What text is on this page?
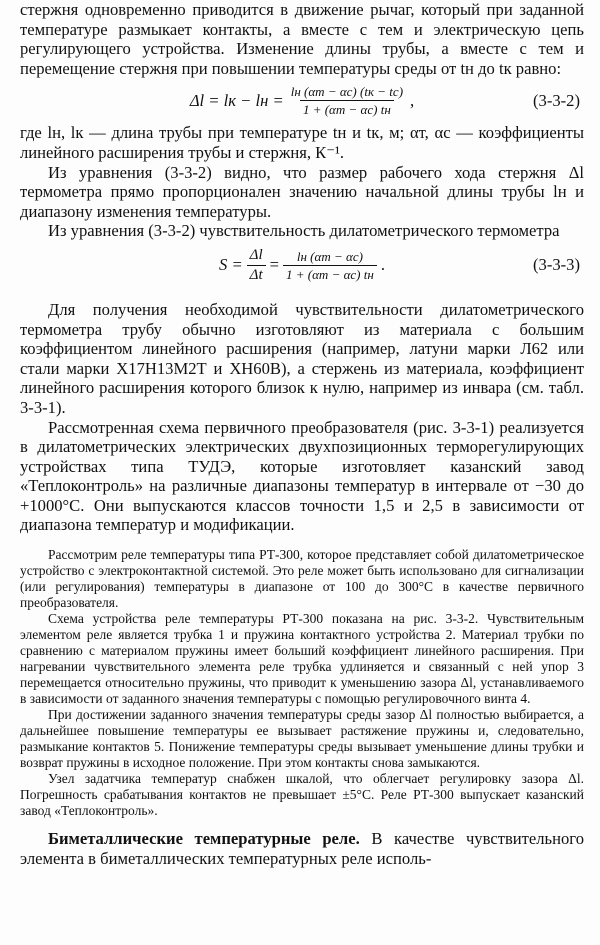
стержня одновременно приводится в движение рычаг, который при заданной температуре размыкает контакты, а вместе с тем и электрическую цепь регулирующего устройства. Изменение длины трубы, а вместе с тем и перемещение стержня при повышении температуры среды от tн до tк равно:

Δl = lк − lн = $\frac{lн (\alpha т - \alpha с) (tк - tс)}{1 + (\alpha т - \alpha с) tн}$ ,	(3-3-2)

где lн, lк — длина трубы при температуре tн и tк, м; αт, αс — коэффициенты линейного расширения трубы и стержня, К⁻¹.

Из уравнения (3-3-2) видно, что размер рабочего хода стержня Δl термометра прямо пропорционален значению начальной длины трубы lн и диапазону изменения температуры.

Из уравнения (3-3-2) чувствительность дилатометрического термометра

$S = \frac{\Delta l}{\Delta t} = \frac{lн (\alpha т - \alpha с)}{1 + (\alpha т - \alpha с) tн}$ .	(3-3-3)

Для получения необходимой чувствительности дилатометрического термометра трубу обычно изготовляют из материала с большим коэффициентом линейного расширения (например, латуни марки Л62 или стали марки Х17Н13М2Т и ХН60В), а стержень из материала, коэффициент линейного расширения которого близок к нулю, например из инвара (см. табл. 3-3-1).

Рассмотренная схема первичного преобразователя (рис. 3-3-1) реализуется в дилатометрических электрических двухпозиционных терморегулирующих устройствах типа ТУДЭ, которые изготовляет казанский завод «Теплоконтроль» на различные диапазоны температур в интервале от −30 до +1000°С. Они выпускаются классов точности 1,5 и 2,5 в зависимости от диапазона температур и модификации.

Рассмотрим реле температуры типа РТ-300, которое представляет собой дилатометрическое устройство с электроконтактной системой. Это реле может быть использовано для сигнализации (или регулирования) температуры в диапазоне от 100 до 300°С в качестве первичного преобразователя.

Схема устройства реле температуры РТ-300 показана на рис. 3-3-2. Чувствительным элементом реле является трубка 1 и пружина контактного устройства 2. Материал трубки по сравнению с материалом пружины имеет больший коэффициент линейного расширения. При нагревании чувствительного элемента реле трубка удлиняется и связанный с ней упор 3 перемещается относительно пружины, что приводит к уменьшению зазора Δl, устанавливаемого в зависимости от заданного значения температуры с помощью регулировочного винта 4.

При достижении заданного значения температуры среды зазор Δl полностью выбирается, а дальнейшее повышение температуры ее вызывает растяжение пружины и, следовательно, размыкание контактов 5. Понижение температуры среды вызывает уменьшение длины трубки и возврат пружины в исходное положение. При этом контакты снова замыкаются.

Узел задатчика температур снабжен шкалой, что облегчает регулировку зазора Δl. Погрешность срабатывания контактов не превышает ±5°С. Реле РТ-300 выпускает казанский завод «Теплоконтроль».

Биметаллические температурные реле. В качестве чувствительного элемента в биметаллических температурных реле исполь-
